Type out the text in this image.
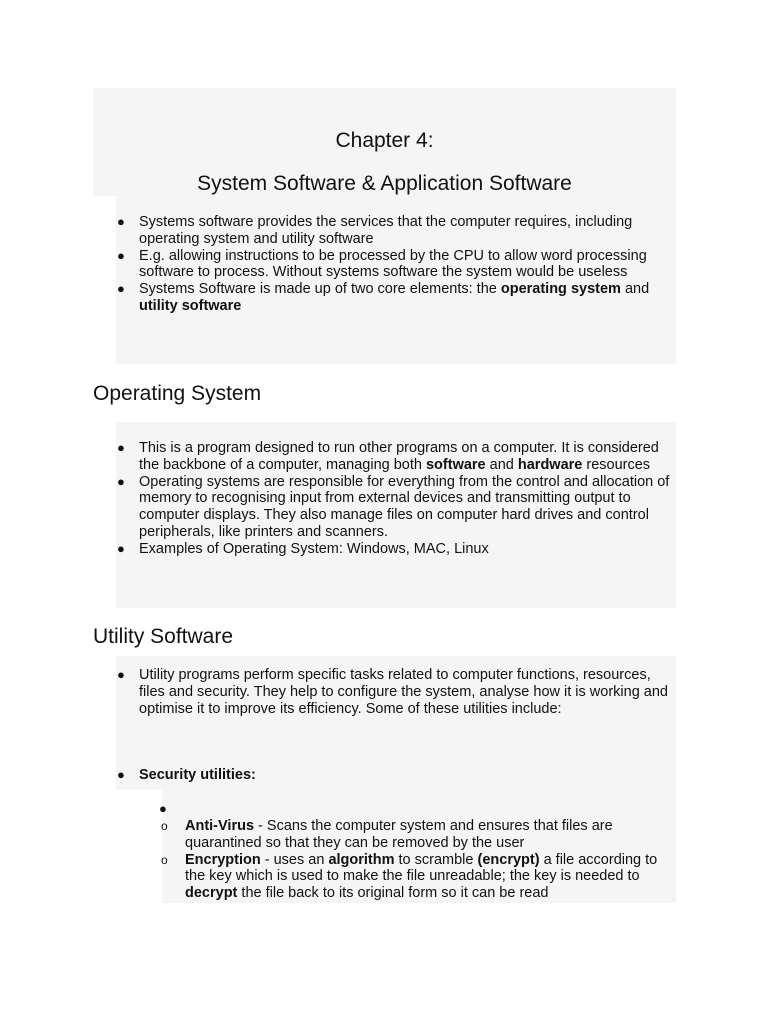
Chapter 4:
System Software & Application Software
● Systems software provides the services that the computer requires, including operating system and utility software
● E.g. allowing instructions to be processed by the CPU to allow word processing software to process. Without systems software the system would be useless
● Systems Software is made up of two core elements: the operating system and utility software
Operating System
● This is a program designed to run other programs on a computer. It is considered the backbone of a computer, managing both software and hardware resources
● Operating systems are responsible for everything from the control and allocation of memory to recognising input from external devices and transmitting output to computer displays. They also manage files on computer hard drives and control peripherals, like printers and scanners.
● Examples of Operating System: Windows, MAC, Linux
Utility Software
● Utility programs perform specific tasks related to computer functions, resources, files and security. They help to configure the system, analyse how it is working and optimise it to improve its efficiency. Some of these utilities include:
● Security utilities:
●
o Anti-Virus - Scans the computer system and ensures that files are quarantined so that they can be removed by the user
o Encryption - uses an algorithm to scramble (encrypt) a file according to the key which is used to make the file unreadable; the key is needed to decrypt the file back to its original form so it can be read
